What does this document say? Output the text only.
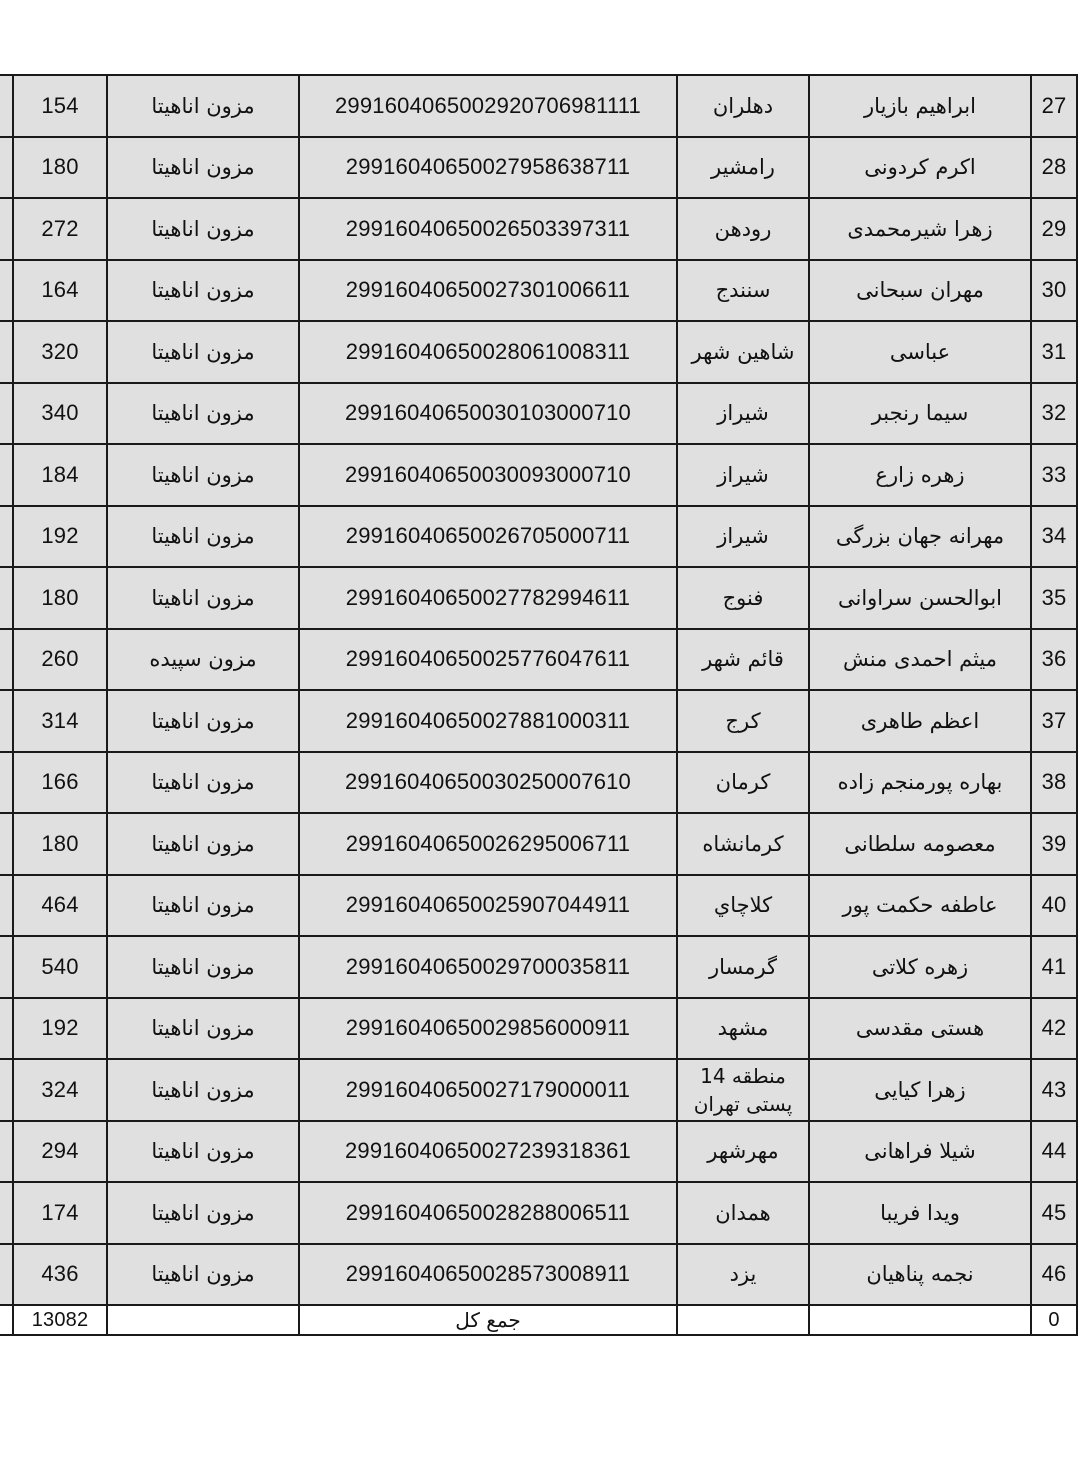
	154	مزون اناهیتا	2991604065002920706981111	دهلران	ابراهیم بازیار	27
	180	مزون اناهیتا	29916040650027958638711	رامشیر	اکرم کردونی	28
	272	مزون اناهیتا	29916040650026503397311	رودهن	زهرا شیرمحمدی	29
	164	مزون اناهیتا	29916040650027301006611	سنندج	مهران سبحانی	30
	320	مزون اناهیتا	29916040650028061008311	شاهین شهر	عباسی	31
	340	مزون اناهیتا	29916040650030103000710	شیراز	سیما رنجبر	32
	184	مزون اناهیتا	29916040650030093000710	شیراز	زهره زارع	33
	192	مزون اناهیتا	29916040650026705000711	شیراز	مهرانه جهان بزرگی	34
	180	مزون اناهیتا	29916040650027782994611	فنوج	ابوالحسن سراوانی	35
	260	مزون سپیده	29916040650025776047611	قائم شهر	میثم احمدی منش	36
	314	مزون اناهیتا	29916040650027881000311	کرج	اعظم طاهری	37
	166	مزون اناهیتا	29916040650030250007610	کرمان	بهاره پورمنجم زاده	38
	180	مزون اناهیتا	29916040650026295006711	کرمانشاه	معصومه سلطانی	39
	464	مزون اناهیتا	29916040650025907044911	کلاچاي	عاطفه حکمت پور	40
	540	مزون اناهیتا	29916040650029700035811	گرمسار	زهره کلاتی	41
	192	مزون اناهیتا	29916040650029856000911	مشهد	هستی مقدسی	42
	324	مزون اناهیتا	29916040650027179000011	منطقه 14 پستی تهران	زهرا کیایی	43
	294	مزون اناهیتا	29916040650027239318361	مهرشهر	شیلا فراهانی	44
	174	مزون اناهیتا	29916040650028288006511	همدان	ویدا فریبا	45
	436	مزون اناهیتا	29916040650028573008911	یزد	نجمه پناهیان	46
	13082		جمع کل			0
